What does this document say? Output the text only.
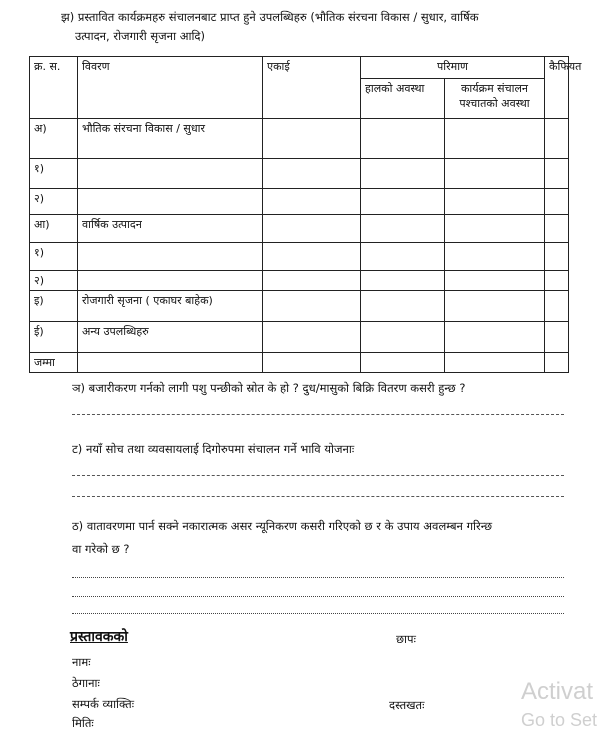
झ) प्रस्तावित कार्यक्रमहरु संचालनबाट प्राप्त हुने उपलब्धिहरु (भौतिक संरचना विकास / सुधार, वार्षिक
उत्पादन, रोजगारी सृजना आदि)
क्र. स.	विवरण	एकाई	परिमाण		कैफियत
			हालको अवस्था	कार्यक्रम संचालन
पश्चातको अवस्था	
अ)	भौतिक संरचना विकास / सुधार				
१)					
२)					
आ)	वार्षिक उत्पादन				
१)					
२)					
इ)	रोजगारी सृजना ( एकाघर बाहेक)				
ई)	अन्य उपलब्धिहरु				
जम्मा					
ञ) बजारीकरण गर्नको लागी पशु पन्छीको स्रोत के हो ? दुध/मासुको बिक्रि वितरण कसरी हुन्छ ?
ट) नयाँ सोच तथा व्यवसायलाई दिगोरुपमा संचालन गर्ने भावि योजनाः
ठ) वातावरणमा पार्न सक्ने नकारात्मक असर न्यूनिकरण कसरी गरिएको छ र के उपाय अवलम्बन गरिन्छ
वा गरेको छ ?
प्रस्तावकको	छापः
नामः
ठेगानाः
सम्पर्क व्याक्तिः	दस्तखतः
मितिः
Activat
Go to Set
